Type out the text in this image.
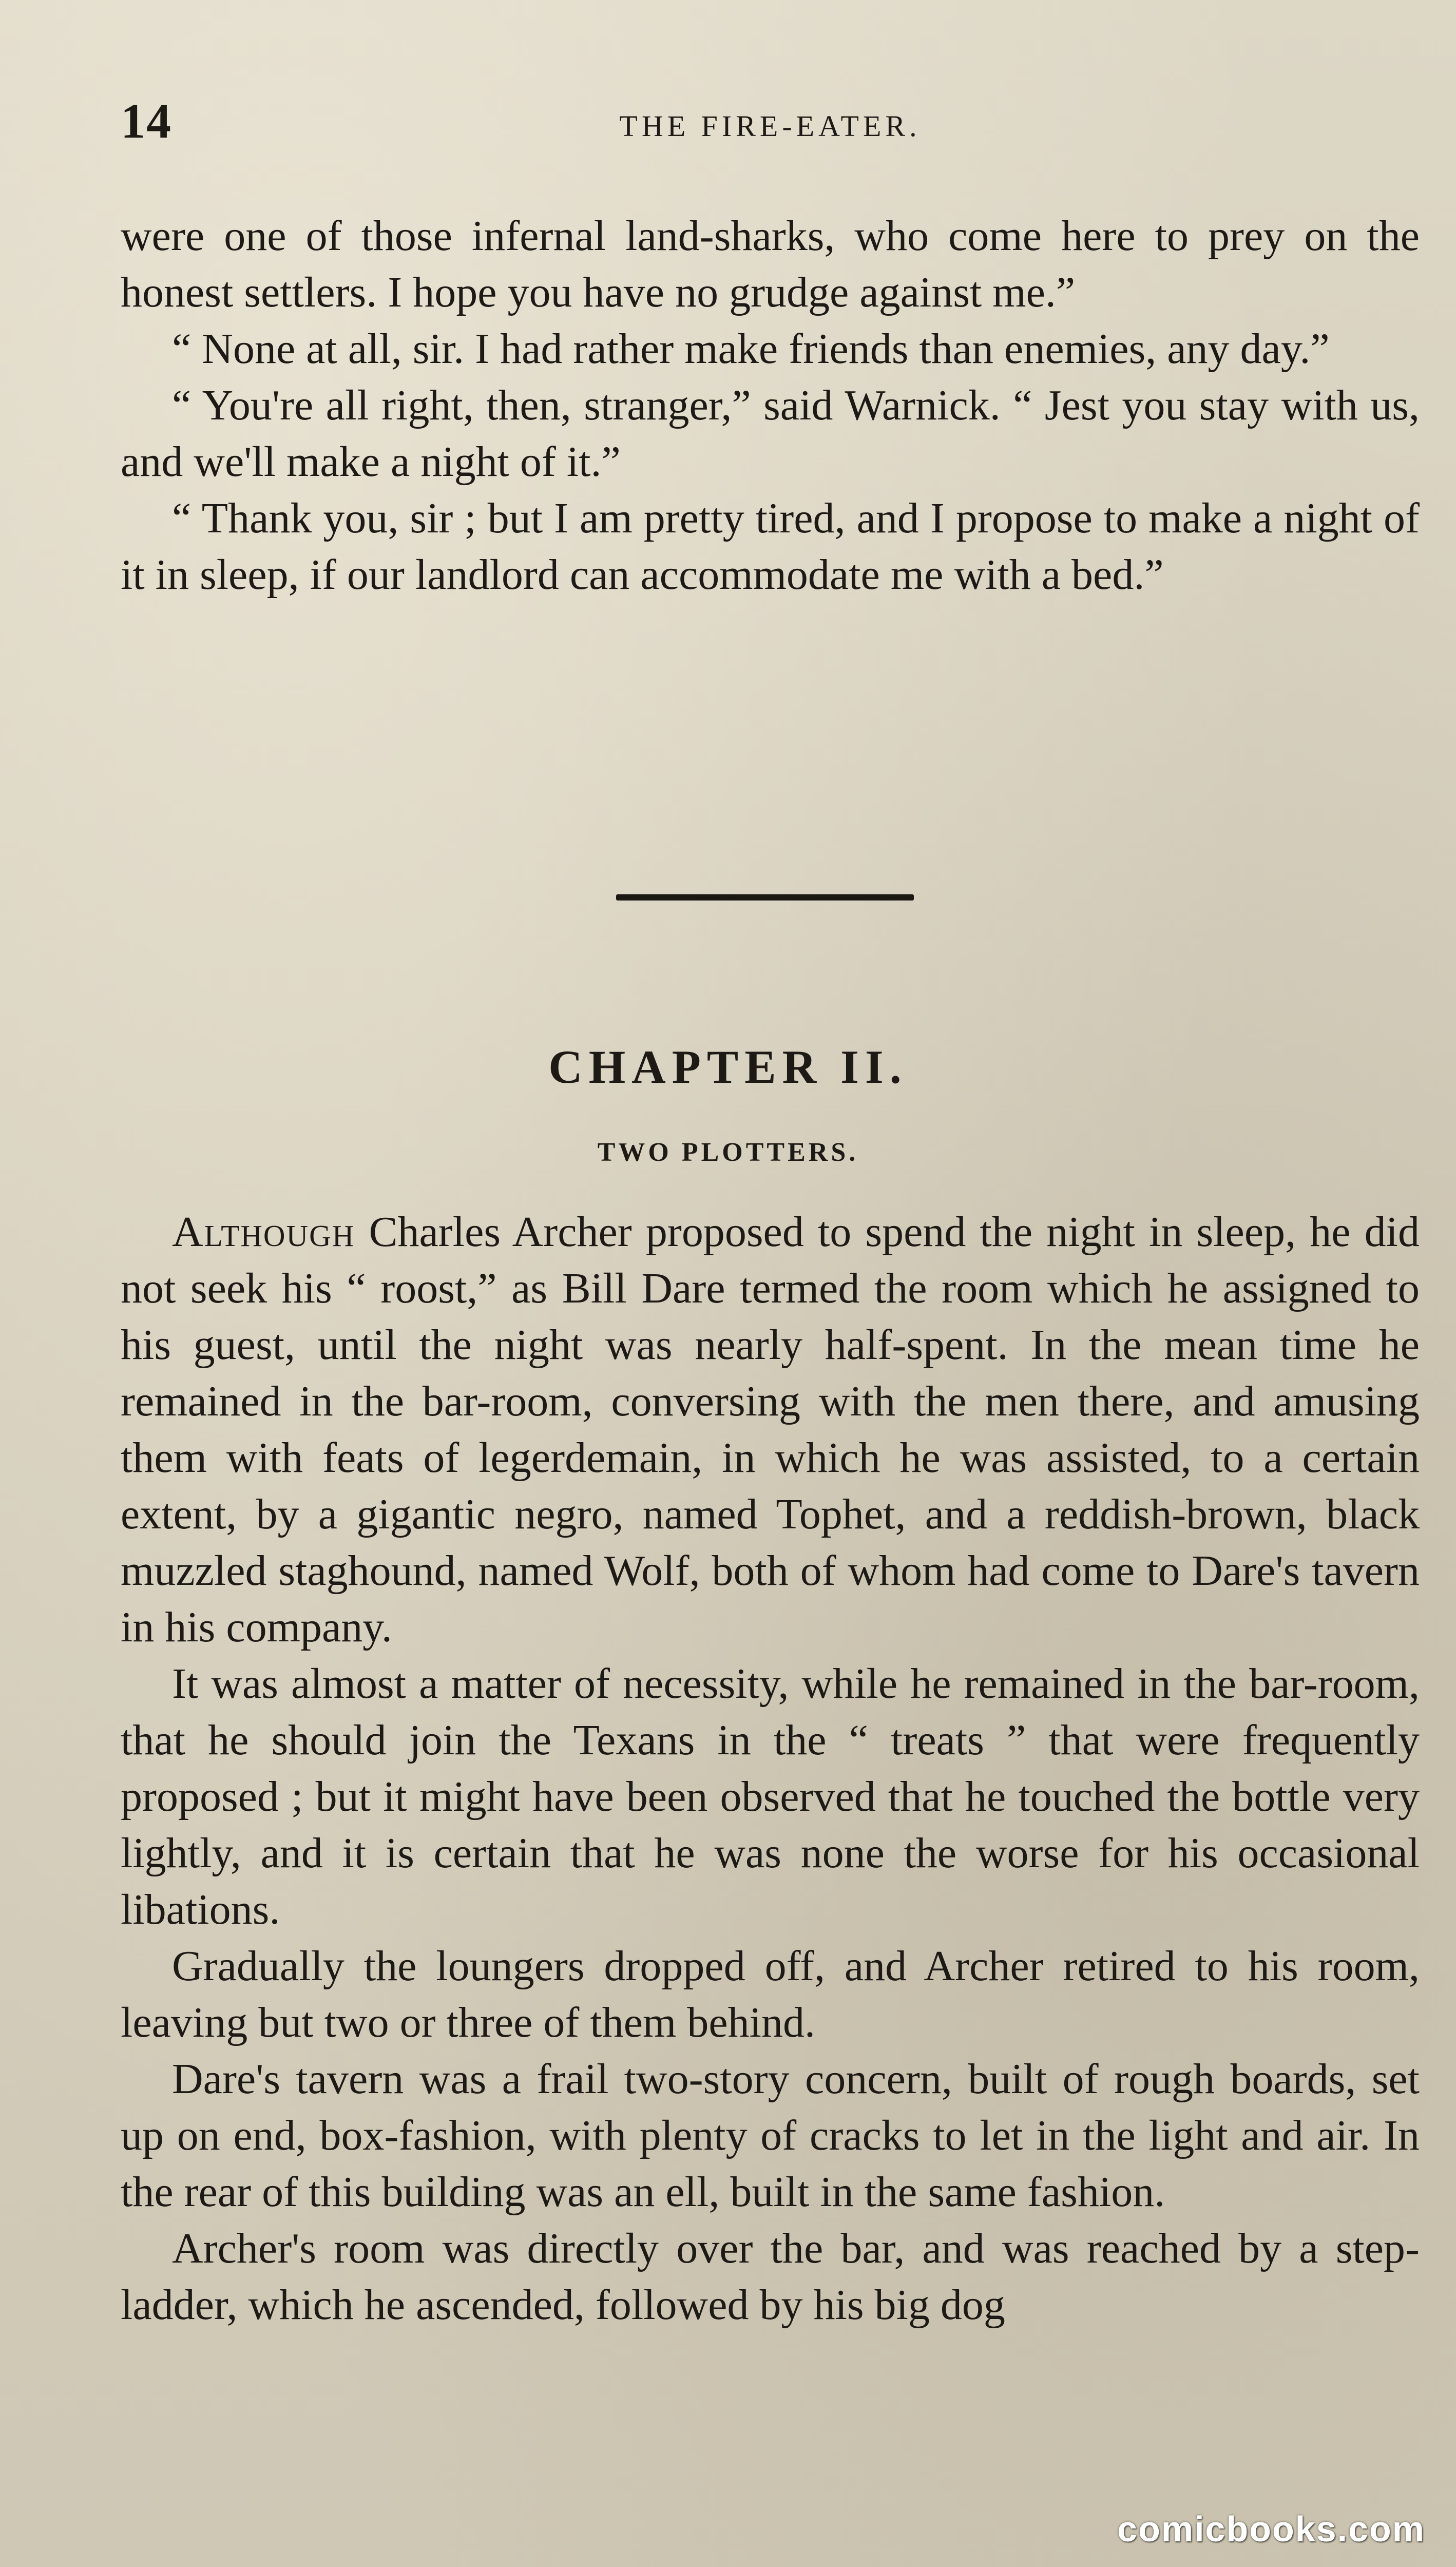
14	THE FIRE-EATER.

were one of those infernal land-sharks, who come here to prey on the honest settlers. I hope you have no grudge against me.”

“ None at all, sir. I had rather make friends than enemies, any day.”

“ You're all right, then, stranger,” said Warnick. “ Jest you stay with us, and we'll make a night of it.”

“ Thank you, sir ; but I am pretty tired, and I propose to make a night of it in sleep, if our landlord can accommodate me with a bed.”

CHAPTER II.
TWO PLOTTERS.

Although Charles Archer proposed to spend the night in sleep, he did not seek his “ roost,” as Bill Dare termed the room which he assigned to his guest, until the night was nearly half-spent. In the mean time he remained in the bar-room, conversing with the men there, and amusing them with feats of legerdemain, in which he was assisted, to a certain extent, by a gigantic negro, named Tophet, and a reddish-brown, black muzzled staghound, named Wolf, both of whom had come to Dare's tavern in his company.

It was almost a matter of necessity, while he remained in the bar-room, that he should join the Texans in the “ treats ” that were frequently proposed ; but it might have been observed that he touched the bottle very lightly, and it is certain that he was none the worse for his occasional libations.

Gradually the loungers dropped off, and Archer retired to his room, leaving but two or three of them behind.

Dare's tavern was a frail two-story concern, built of rough boards, set up on end, box-fashion, with plenty of cracks to let in the light and air. In the rear of this building was an ell, built in the same fashion.

Archer's room was directly over the bar, and was reached by a step-ladder, which he ascended, followed by his big dog

comicbooks.com
